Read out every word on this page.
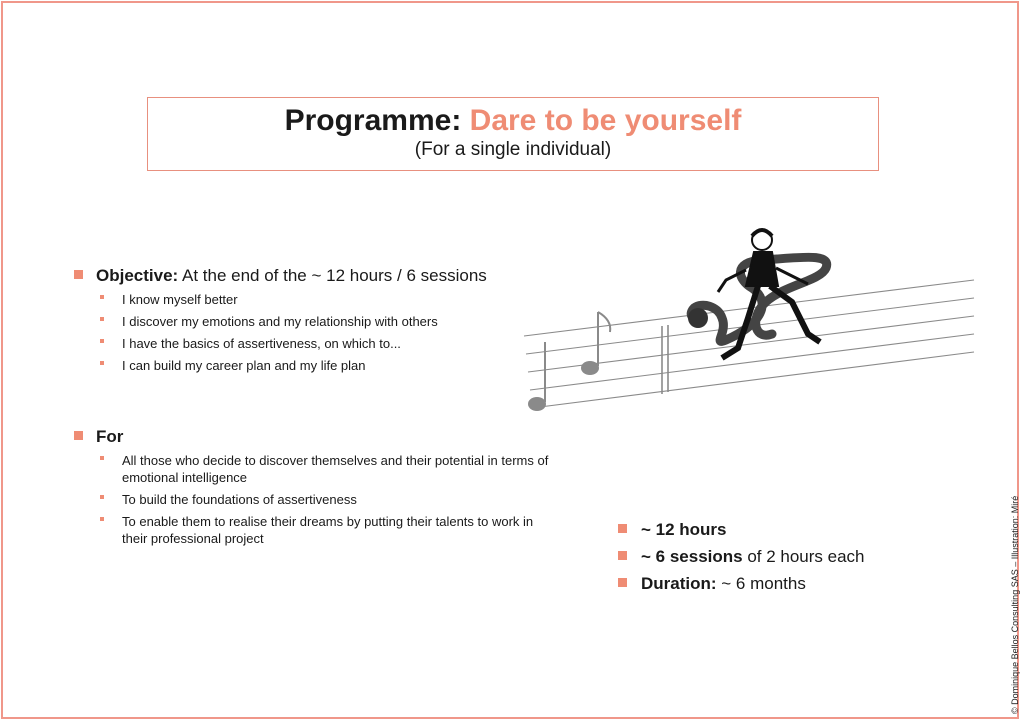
Programme: Dare to be yourself
(For a single individual)
Objective: At the end of the ~ 12 hours / 6 sessions
I know myself better
I discover my emotions and my relationship with others
I have the basics of assertiveness, on which to...
I can build my career plan and my life plan
For
All those who decide to discover themselves and their potential in terms of emotional intelligence
To build the foundations of assertiveness
To enable them to realise their dreams by putting their talents to work in their professional project	~ 12 hours
~ 6 sessions of 2 hours each
Duration: ~ 6 months	© Dominique Bellos Consulting SAS – Illustration: Miré
